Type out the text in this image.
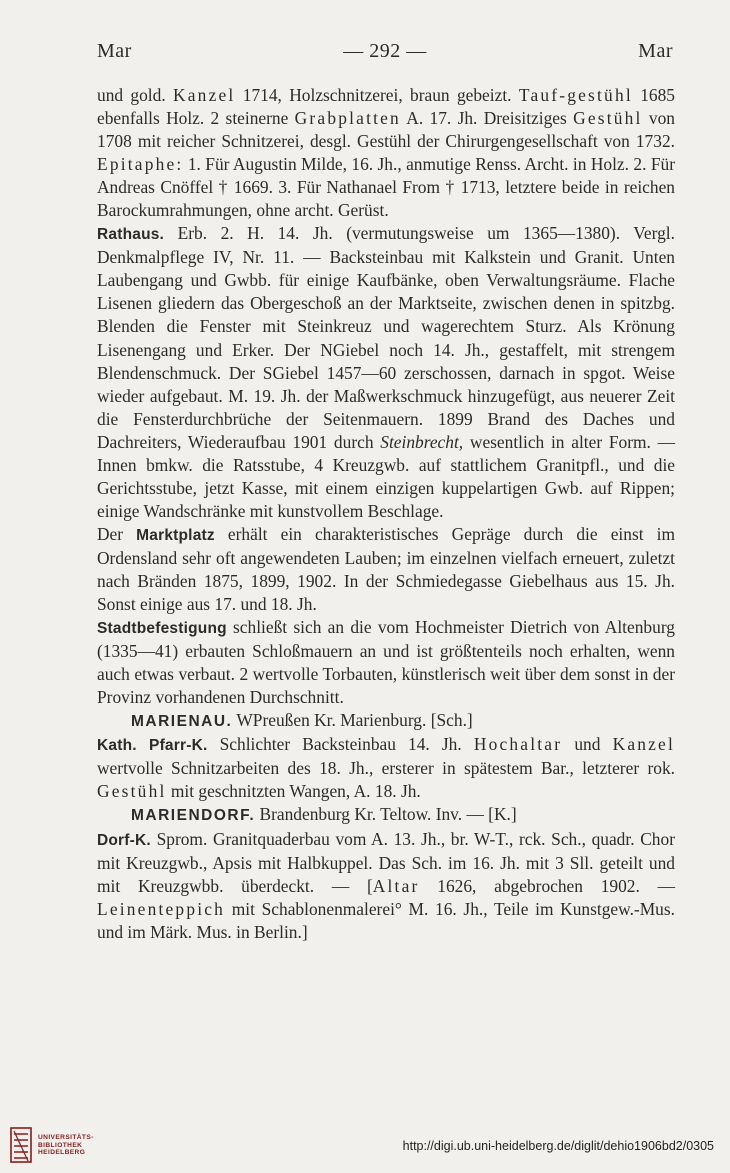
Mar	— 292 —	Mar

und gold. Kanzel 1714, Holzschnitzerei, braun gebeizt. Tauf-gestühl 1685 ebenfalls Holz. 2 steinerne Grabplatten A. 17. Jh. Dreisitziges Gestühl von 1708 mit reicher Schnitzerei, desgl. Gestühl der Chirurgengesellschaft von 1732. Epitaphe: 1. Für Augustin Milde, 16. Jh., anmutige Renss. Archt. in Holz. 2. Für Andreas Cnöffel † 1669. 3. Für Nathanael From † 1713, letztere beide in reichen Barockumrahmungen, ohne archt. Gerüst.

Rathaus. Erb. 2. H. 14. Jh. (vermutungsweise um 1365—1380). Vergl. Denkmalpflege IV, Nr. 11. — Backsteinbau mit Kalkstein und Granit. Unten Laubengang und Gwbb. für einige Kaufbänke, oben Verwaltungsräume. Flache Lisenen gliedern das Obergeschoß an der Marktseite, zwischen denen in spitzbg. Blenden die Fenster mit Steinkreuz und wagerechtem Sturz. Als Krönung Lisenengang und Erker. Der NGiebel noch 14. Jh., gestaffelt, mit strengem Blendenschmuck. Der SGiebel 1457—60 zerschossen, darnach in spgot. Weise wieder aufgebaut. M. 19. Jh. der Maßwerkschmuck hinzugefügt, aus neuerer Zeit die Fensterdurchbrüche der Seitenmauern. 1899 Brand des Daches und Dachreiters, Wiederaufbau 1901 durch Steinbrecht, wesentlich in alter Form. — Innen bmkw. die Ratsstube, 4 Kreuzgwb. auf stattlichem Granitpfl., und die Gerichtsstube, jetzt Kasse, mit einem einzigen kuppelartigen Gwb. auf Rippen; einige Wandschränke mit kunstvollem Beschlage.

Der Marktplatz erhält ein charakteristisches Gepräge durch die einst im Ordensland sehr oft angewendeten Lauben; im einzelnen vielfach erneuert, zuletzt nach Bränden 1875, 1899, 1902. In der Schmiedegasse Giebelhaus aus 15. Jh. Sonst einige aus 17. und 18. Jh.

Stadtbefestigung schließt sich an die vom Hochmeister Dietrich von Altenburg (1335—41) erbauten Schloßmauern an und ist größtenteils noch erhalten, wenn auch etwas verbaut. 2 wertvolle Torbauten, künstlerisch weit über dem sonst in der Provinz vorhandenen Durchschnitt.

MARIENAU. WPreußen Kr. Marienburg. [Sch.]

Kath. Pfarr-K. Schlichter Backsteinbau 14. Jh. Hochaltar und Kanzel wertvolle Schnitzarbeiten des 18. Jh., ersterer in spätestem Bar., letzterer rok. Gestühl mit geschnitzten Wangen, A. 18. Jh.

MARIENDORF. Brandenburg Kr. Teltow. Inv. — [K.]

Dorf-K. Sprom. Granitquaderbau vom A. 13. Jh., br. W-T., rck. Sch., quadr. Chor mit Kreuzgwb., Apsis mit Halbkuppel. Das Sch. im 16. Jh. mit 3 Sll. geteilt und mit Kreuzgwbb. überdeckt. — [Altar 1626, abgebrochen 1902. — Leinenteppich mit Schablonenmalerei° M. 16. Jh., Teile im Kunstgew.-Mus. und im Märk. Mus. in Berlin.]

UNIVERSITÄTS-
BIBLIOTHEK
HEIDELBERG	http://digi.ub.uni-heidelberg.de/diglit/dehio1906bd2/0305
